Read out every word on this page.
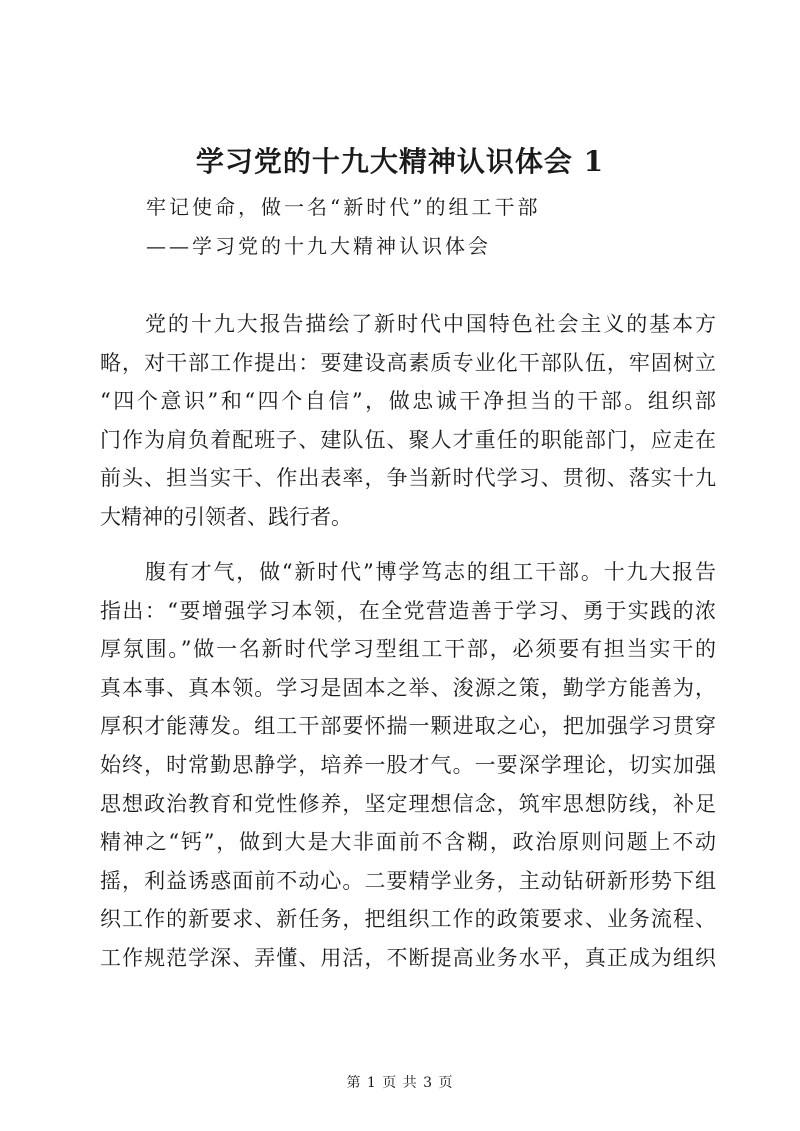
学习党的十九大精神认识体会 1
牢记使命，做一名“新时代”的组工干部
——学习党的十九大精神认识体会
党的十九大报告描绘了新时代中国特色社会主义的基本方
略，对干部工作提出：要建设高素质专业化干部队伍，牢固树立
“四个意识”和“四个自信”，做忠诚干净担当的干部。组织部
门作为肩负着配班子、建队伍、聚人才重任的职能部门，应走在
前头、担当实干、作出表率，争当新时代学习、贯彻、落实十九
大精神的引领者、践行者。
腹有才气，做“新时代”博学笃志的组工干部。十九大报告
指出：“要增强学习本领，在全党营造善于学习、勇于实践的浓
厚氛围。”做一名新时代学习型组工干部，必须要有担当实干的
真本事、真本领。学习是固本之举、浚源之策，勤学方能善为，
厚积才能薄发。组工干部要怀揣一颗进取之心，把加强学习贯穿
始终，时常勤思静学，培养一股才气。一要深学理论，切实加强
思想政治教育和党性修养，坚定理想信念，筑牢思想防线，补足
精神之“钙”，做到大是大非面前不含糊，政治原则问题上不动
摇，利益诱惑面前不动心。二要精学业务，主动钻研新形势下组
织工作的新要求、新任务，把组织工作的政策要求、业务流程、
工作规范学深、弄懂、用活，不断提高业务水平，真正成为组织
第 1 页 共 3 页
